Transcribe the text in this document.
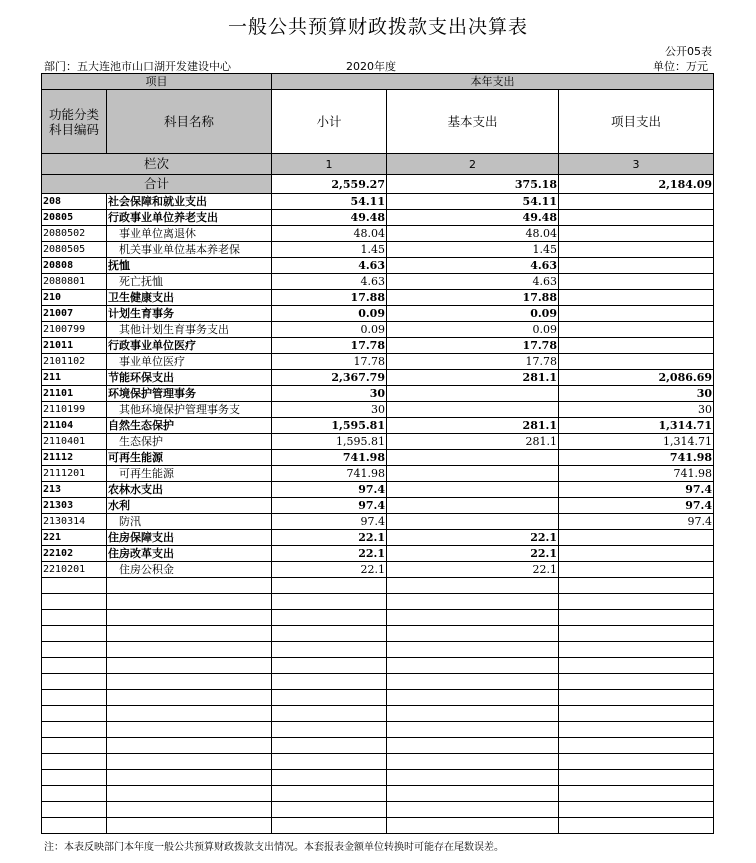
一般公共预算财政拨款支出决算表
公开05表
部门：五大连池市山口湖开发建设中心	2020年度	单位：万元
项目		本年支出		
功能分类科目编码	科目名称	小计	基本支出	项目支出
栏次		1	2	3
合计		2,559.27	375.18	2,184.09
208	社会保障和就业支出	54.11	54.11	
20805	行政事业单位养老支出	49.48	49.48	
2080502	事业单位离退休	48.04	48.04	
2080505	机关事业单位基本养老保	1.45	1.45	
20808	抚恤	4.63	4.63	
2080801	死亡抚恤	4.63	4.63	
210	卫生健康支出	17.88	17.88	
21007	计划生育事务	0.09	0.09	
2100799	其他计划生育事务支出	0.09	0.09	
21011	行政事业单位医疗	17.78	17.78	
2101102	事业单位医疗	17.78	17.78	
211	节能环保支出	2,367.79	281.1	2,086.69
21101	环境保护管理事务	30		30
2110199	其他环境保护管理事务支	30		30
21104	自然生态保护	1,595.81	281.1	1,314.71
2110401	生态保护	1,595.81	281.1	1,314.71
21112	可再生能源	741.98		741.98
2111201	可再生能源	741.98		741.98
213	农林水支出	97.4		97.4
21303	水利	97.4		97.4
2130314	防汛	97.4		97.4
221	住房保障支出	22.1	22.1	
22102	住房改革支出	22.1	22.1	
2210201	住房公积金	22.1	22.1	

注：本表反映部门本年度一般公共预算财政拨款支出情况。本套报表金额单位转换时可能存在尾数误差。
